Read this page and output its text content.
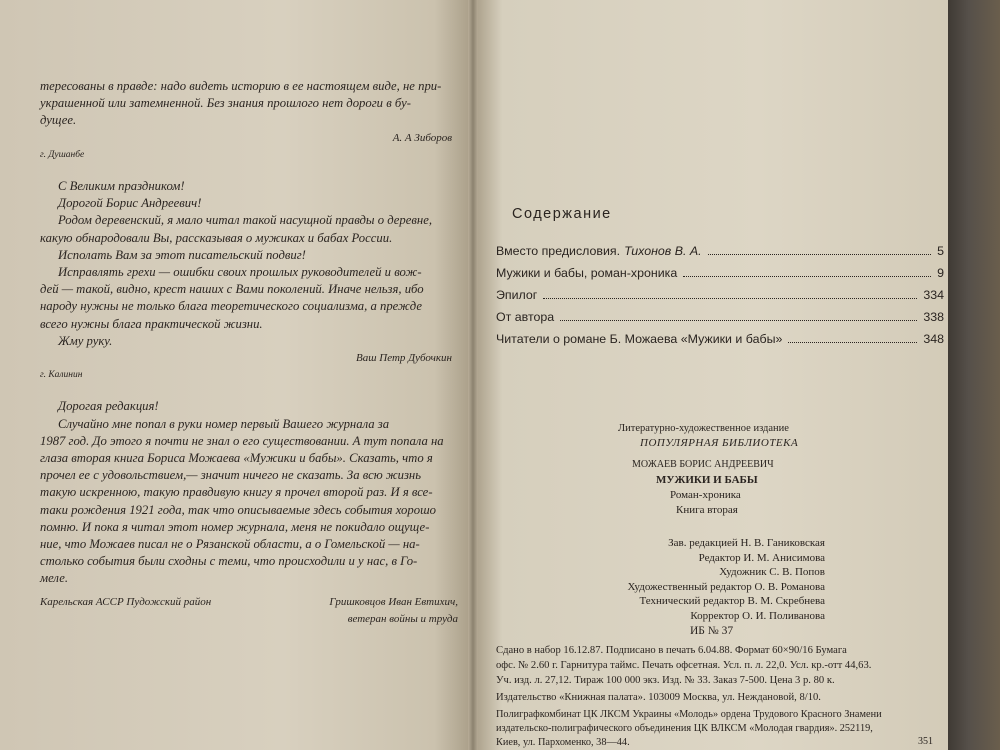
тересованы в правде: надо видеть историю в ее настоящем виде, не при-
украшенной или затемненной. Без знания прошлого нет дороги в бу-
дущее.
А. А Зиборов
г. Душанбе
С Великим праздником!
Дорогой Борис Андреевич!
Родом деревенский, я мало читал такой насущной правды о деревне,
какую обнародовали Вы, рассказывая о мужиках и бабах России.
Исполать Вам за этот писательский подвиг!
Исправлять грехи — ошибки своих прошлых руководителей и вож-
дей — такой, видно, крест наших с Вами поколений. Иначе нельзя, ибо
народу нужны не только блага теоретического социализма, а прежде
всего нужны блага практической жизни.
Жму руку.
Ваш Петр Дубочкин
г. Калинин
Дорогая редакция!
Случайно мне попал в руки номер первый Вашего журнала за
1987 год. До этого я почти не знал о его существовании. А тут попала на
глаза вторая книга Бориса Можаева «Мужики и бабы». Сказать, что я
прочел ее с удовольствием,— значит ничего не сказать. За всю жизнь
такую искренною, такую правдивую книгу я прочел второй раз. И я все-
таки рождения 1921 года, так что описываемые здесь события хорошо
помню. И пока я читал этот номер журнала, меня не покидало ощуще-
ние, что Можаев писал не о Рязанской области, а о Гомельской — на-
столько события были сходны с теми, что происходили и у нас, в Го-
меле.
Карельская АССР Пудожский район	Гришковцов Иван Евтихич,
ветеран войны и труда
Содержание
Вместо предисловия. Тихонов В. А.	5
Мужики и бабы, роман-хроника	9
Эпилог	334
От автора	338
Читатели о романе Б. Можаева «Мужики и бабы»	348
Литературно-художественное издание
ПОПУЛЯРНАЯ БИБЛИОТЕКА
МОЖАЕВ БОРИС АНДРЕЕВИЧ
МУЖИКИ И БАБЫ
Роман-хроника
Книга вторая
Зав. редакцией Н. В. Ганиковская
Редактор И. М. Анисимова
Художник С. В. Попов
Художественный редактор О. В. Романова
Технический редактор В. М. Скребнева
Корректор О. И. Поливанова
ИБ № 37
Сдано в набор 16.12.87. Подписано в печать 6.04.88. Формат 60×90/16 Бумага
офс. № 2.60 г. Гарнитура таймс. Печать офсетная. Усл. п. л. 22,0. Усл. кр.-отт 44,63.
Уч. изд. л. 27,12. Тираж 100 000 экз. Изд. № 33. Заказ 7-500. Цена 3 р. 80 к.
Издательство «Книжная палата». 103009 Москва, ул. Неждановой, 8/10.
Полиграфкомбинат ЦК ЛКСМ Украины «Молодь» ордена Трудового Красного Знамени
издательско-полиграфического объединения ЦК ВЛКСМ «Молодая гвардия». 252119,
Киев, ул. Пархоменко, 38—44.	351
